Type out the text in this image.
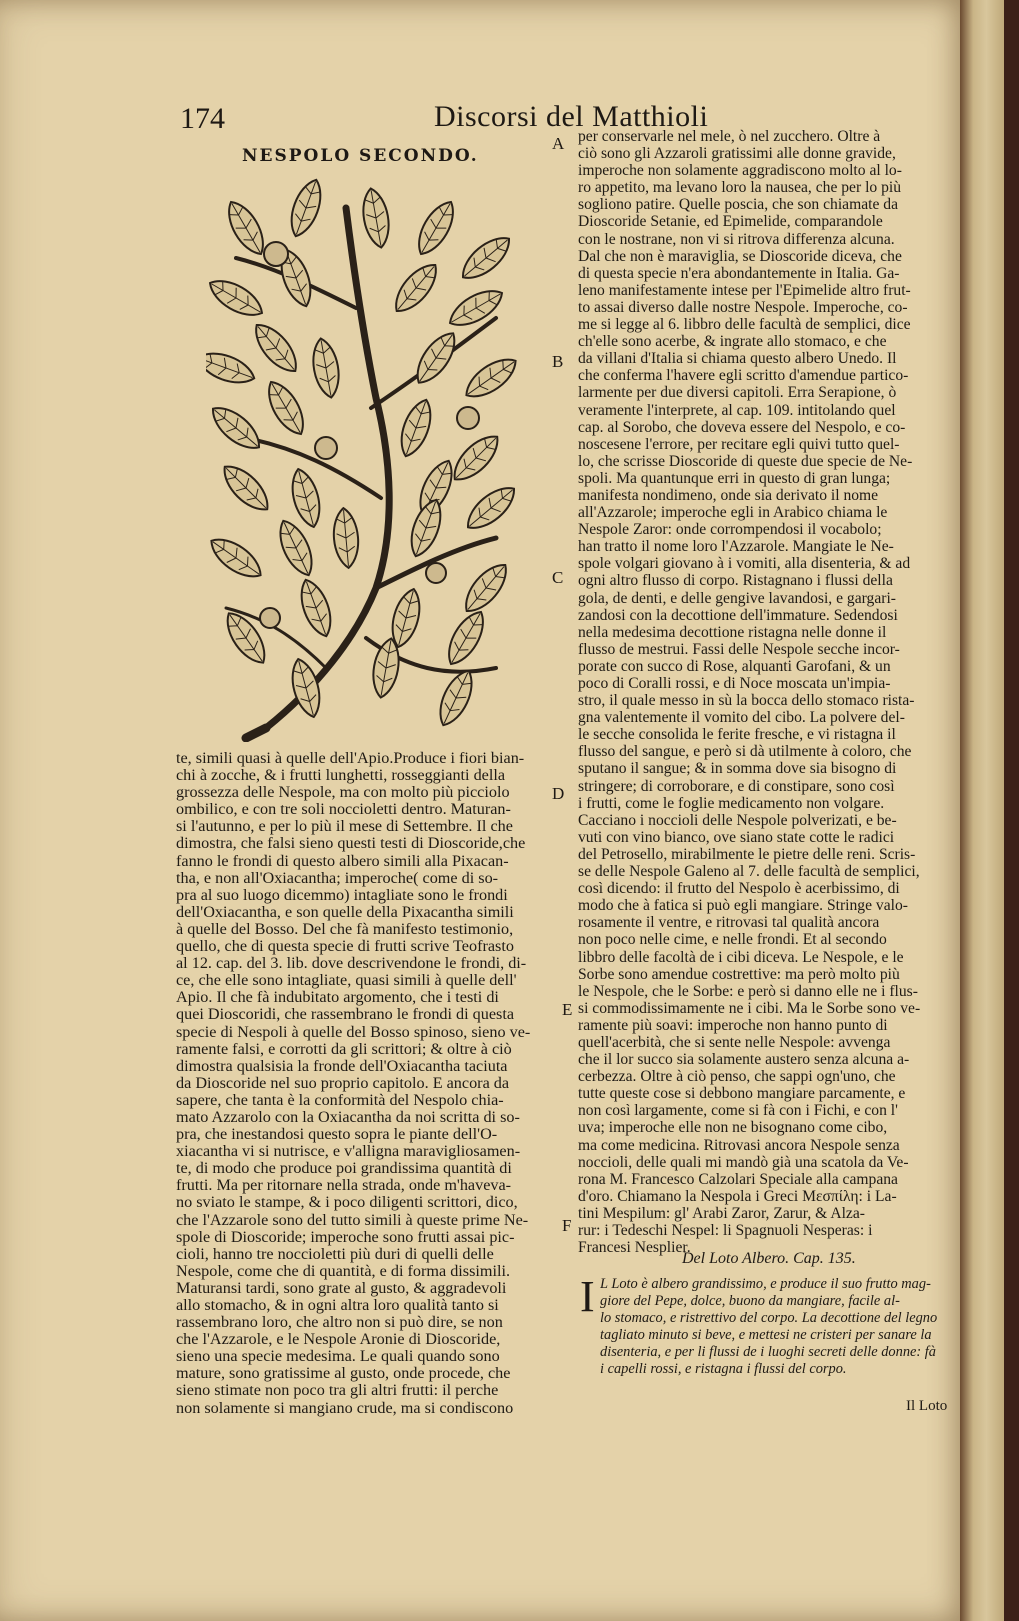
174	Discorsi del Matthioli
NESPOLO SECONDO.
te, simili quasi à quelle dell'Apio.Produce i fiori bian-
chi à zocche, & i frutti lunghetti, rosseggianti della
grossezza delle Nespole, ma con molto più picciolo
ombilico, e con tre soli noccioletti dentro. Maturan-
si l'autunno, e per lo più il mese di Settembre. Il che
dimostra, che falsi sieno questi testi di Dioscoride,che
fanno le frondi di questo albero simili alla Pixacan-
tha, e non all'Oxiacantha; imperoche( come di so-
pra al suo luogo dicemmo) intagliate sono le frondi
dell'Oxiacantha, e son quelle della Pixacantha simili
à quelle del Bosso. Del che fà manifesto testimonio,
quello, che di questa specie di frutti scrive Teofrasto
al 12. cap. del 3. lib. dove descrivendone le frondi, di-
ce, che elle sono intagliate, quasi simili à quelle dell'
Apio. Il che fà indubitato argomento, che i testi di
quei Dioscoridi, che rassembrano le frondi di questa
specie di Nespoli à quelle del Bosso spinoso, sieno ve-
ramente falsi, e corrotti da gli scrittori; & oltre à ciò
dimostra qualsisia la fronde dell'Oxiacantha taciuta
da Dioscoride nel suo proprio capitolo. E ancora da
sapere, che tanta è la conformità del Nespolo chia-
mato Azzarolo con la Oxiacantha da noi scritta di so-
pra, che inestandosi questo sopra le piante dell'O-
xiacantha vi si nutrisce, e v'alligna maravigliosamen-
te, di modo che producе poi grandissima quantità di
frutti. Ma per ritornare nella strada, onde m'haveva-
no sviato le stampe, & i poco diligenti scrittori, dico,
che l'Azzarole sono del tutto simili à queste prime Ne-
spole di Dioscoride; imperoche sono frutti assai pic-
cioli, hanno tre noccioletti più duri di quelli delle
Nespole, come che di quantità, e di forma dissimili.
Maturansi tardi, sono grate al gusto, & aggradevoli
allo stomacho, & in ogni altra loro qualità tanto si
rassembrano loro, che altro non si può dire, se non
che l'Azzarole, e le Nespole Aronie di Dioscoride,
sieno una specie medesima. Le quali quando sono
mature, sono gratissime al gusto, onde procede, che
sieno stimate non poco tra gli altri frutti: il perche
non solamente si mangiano crude, ma si condiscono
per conservarle nel mele, ò nel zucchero. Oltre à
ciò sono gli Azzaroli gratissimi alle donne gravide,
imperoche non solamente aggradiscono molto al lo-
ro appetito, ma levano loro la nausea, che per lo più
sogliono patire. Quelle poscia, che son chiamate da
Dioscoride Setanie, ed Epimelide, comparandole
con le nostrane, non vi si ritrova differenza alcuna.
Dal che non è maraviglia, se Dioscoride diceva, che
di questa specie n'era abondantemente in Italia. Ga-
leno manifestamente intese per l'Epimelide altro frut-
to assai diverso dalle nostre Nespole. Imperoche, co-
me si legge al 6. libbro delle facultà de semplici, dice
ch'elle sono acerbe, & ingrate allo stomaco, e che
da villani d'Italia si chiama questo albero Unedo. Il
che conferma l'havere egli scritto d'amendue partico-
larmente per due diversi capitoli. Erra Serapione, ò
veramente l'interprete, al cap. 109. intitolando quel
cap. al Sorobo, che doveva essere del Nespolo, e co-
noscesene l'errore, per recitare egli quivi tutto quel-
lo, che scrisse Dioscoride di queste due specie de Ne-
spoli. Ma quantunque erri in questo di gran lunga;
manifesta nondimeno, onde sia derivato il nome
all'Azzarole; imperoche egli in Arabico chiama le
Nespole Zaror: onde corrompendosi il vocabolo;
han tratto il nome loro l'Azzarole. Mangiate le Ne-
spole volgari giovano à i vomiti, alla disenteria, & ad
ogni altro flusso di corpo. Ristagnano i flussi della
gola, de denti, e delle gengive lavandosi, e gargari-
zandosi con la decottione dell'immature. Sedendosi
nella medesima decottione ristagna nelle donne il
flusso de mestrui. Fassi delle Nespole secche incor-
porate con succo di Rose, alquanti Garofani, & un
poco di Coralli rossi, e di Noce moscata un'impia-
stro, il quale messo in sù la bocca dello stomaco rista-
gna valentemente il vomito del cibo. La polvere del-
le secche consolida le ferite fresche, e vi ristagna il
flusso del sangue, e però si dà utilmente à coloro, che
sputano il sangue; & in somma dove sia bisogno di
stringere; di corroborare, e di constipare, sono così
i frutti, come le foglie medicamento non volgare.
Cacciano i noccioli delle Nespole polverizati, e be-
vuti con vino bianco, ove siano state cotte le radici
del Petrosello, mirabilmente le pietre delle reni. Scris-
se delle Nespole Galeno al 7. delle facultà de semplici,
così dicendo: il frutto del Nespolo è acerbissimo, di
modo che à fatica si può egli mangiare. Stringe valo-
rosamente il ventre, e ritrovasi tal qualità ancora
non poco nelle cime, e nelle frondi. Et al secondo
libbro delle facoltà de i cibi diceva. Le Nespole, e le
Sorbe sono amendue costrettive: ma però molto più
le Nespole, che le Sorbe: e però si danno elle ne i flus-
si commodissimamente ne i cibi. Ma le Sorbe sono ve-
ramente più soavi: imperoche non hanno punto di
quell'acerbità, che si sente nelle Nespole: avvenga
che il lor succo sia solamente austero senza alcuna a-
cerbezza. Oltre à ciò penso, che sappi ogn'uno, che
tutte queste cose si debbono mangiare parcamente, e
non così largamente, come si fà con i Fichi, e con l'
uva; imperoche elle non ne bisognano come cibo,
ma come medicina. Ritrovasi ancora Nespole senza
noccioli, delle quali mi mandò già una scatola da Ve-
rona M. Francesco Calzolari Speciale alla campana
d'oro. Chiamano la Nespola i Greci Μεσπίλη: i La-
tini Mespilum: gl' Arabi Zaror, Zarur, & Alza-
rur: i Tedeschi Nespel: li Spagnuoli Nesperas: i
Francesi Nesplier.
A
B
C
D
E
F
Del Loto Albero. Cap. 135.
I L Loto è albero grandissimo, e produce il suo frutto mag-
giore del Pepe, dolce, buono da mangiare, facile al-
lo stomaco, e ristrettivo del corpo. La decottione del legno
tagliato minuto si beve, e mettesi ne cristeri per sanare la
disenteria, e per li flussi de i luoghi secreti delle donne: fà
i capelli rossi, e ristagna i flussi del corpo.
Il Loto
